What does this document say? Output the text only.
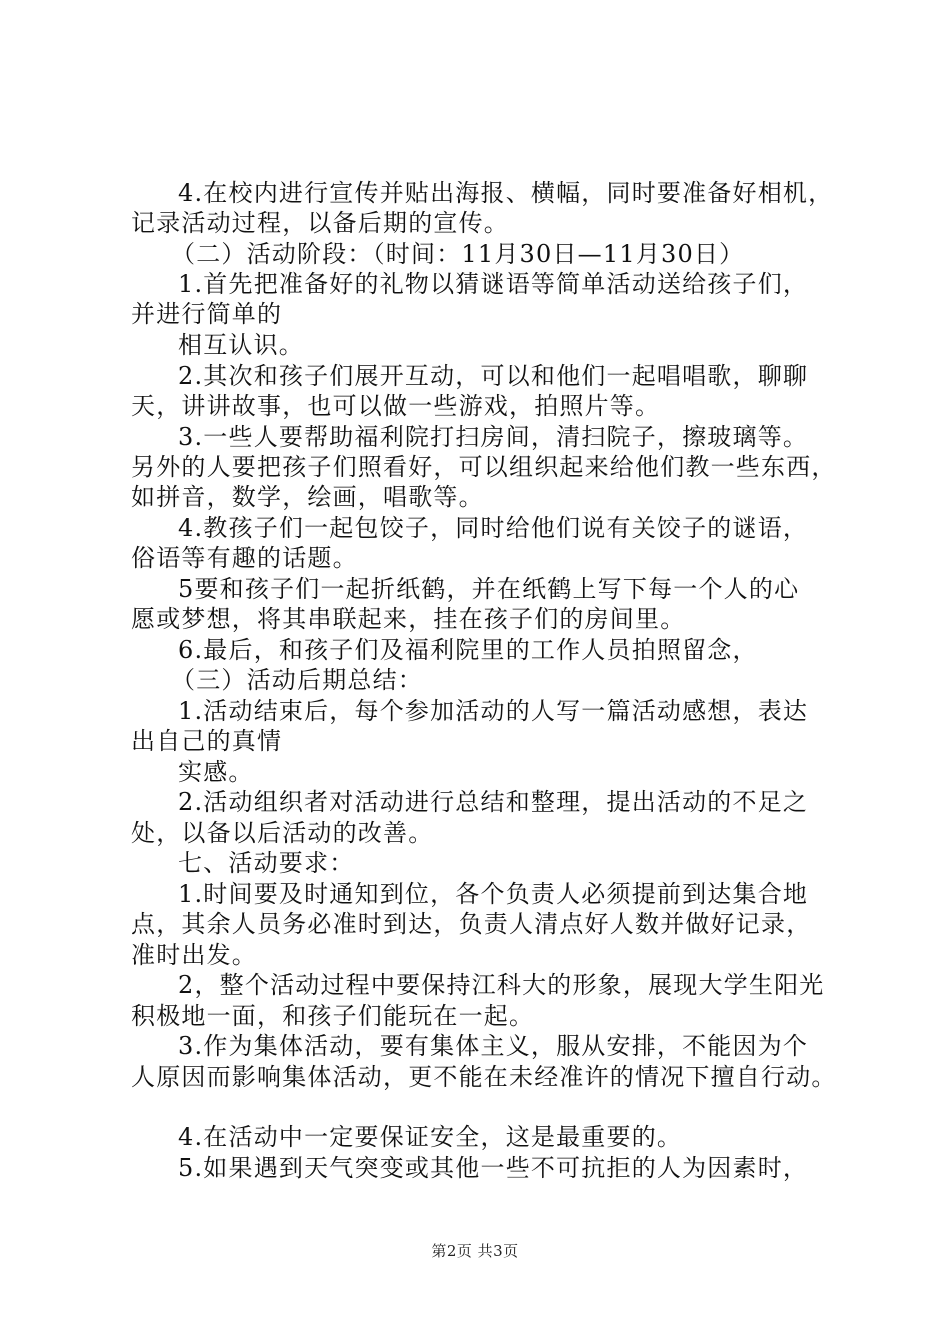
4.在校内进行宣传并贴出海报、横幅，同时要准备好相机，
记录活动过程，以备后期的宣传。
（二）活动阶段：（时间：11月30日—11月30日）
1.首先把准备好的礼物以猜谜语等简单活动送给孩子们，
并进行简单的
相互认识。
2.其次和孩子们展开互动，可以和他们一起唱唱歌，聊聊
天，讲讲故事，也可以做一些游戏，拍照片等。
3.一些人要帮助福利院打扫房间，清扫院子，擦玻璃等。
另外的人要把孩子们照看好，可以组织起来给他们教一些东西，
如拼音，数学，绘画，唱歌等。
4.教孩子们一起包饺子，同时给他们说有关饺子的谜语，
俗语等有趣的话题。
5要和孩子们一起折纸鹤，并在纸鹤上写下每一个人的心
愿或梦想，将其串联起来，挂在孩子们的房间里。
6.最后，和孩子们及福利院里的工作人员拍照留念，
（三）活动后期总结：
1.活动结束后，每个参加活动的人写一篇活动感想，表达
出自己的真情
实感。
2.活动组织者对活动进行总结和整理，提出活动的不足之
处，以备以后活动的改善。
七、活动要求：
1.时间要及时通知到位，各个负责人必须提前到达集合地
点，其余人员务必准时到达，负责人清点好人数并做好记录，
准时出发。
2，整个活动过程中要保持江科大的形象，展现大学生阳光
积极地一面，和孩子们能玩在一起。
3.作为集体活动，要有集体主义，服从安排，不能因为个
人原因而影响集体活动，更不能在未经准许的情况下擅自行动。
4.在活动中一定要保证安全，这是最重要的。
5.如果遇到天气突变或其他一些不可抗拒的人为因素时，
第2页 共3页
